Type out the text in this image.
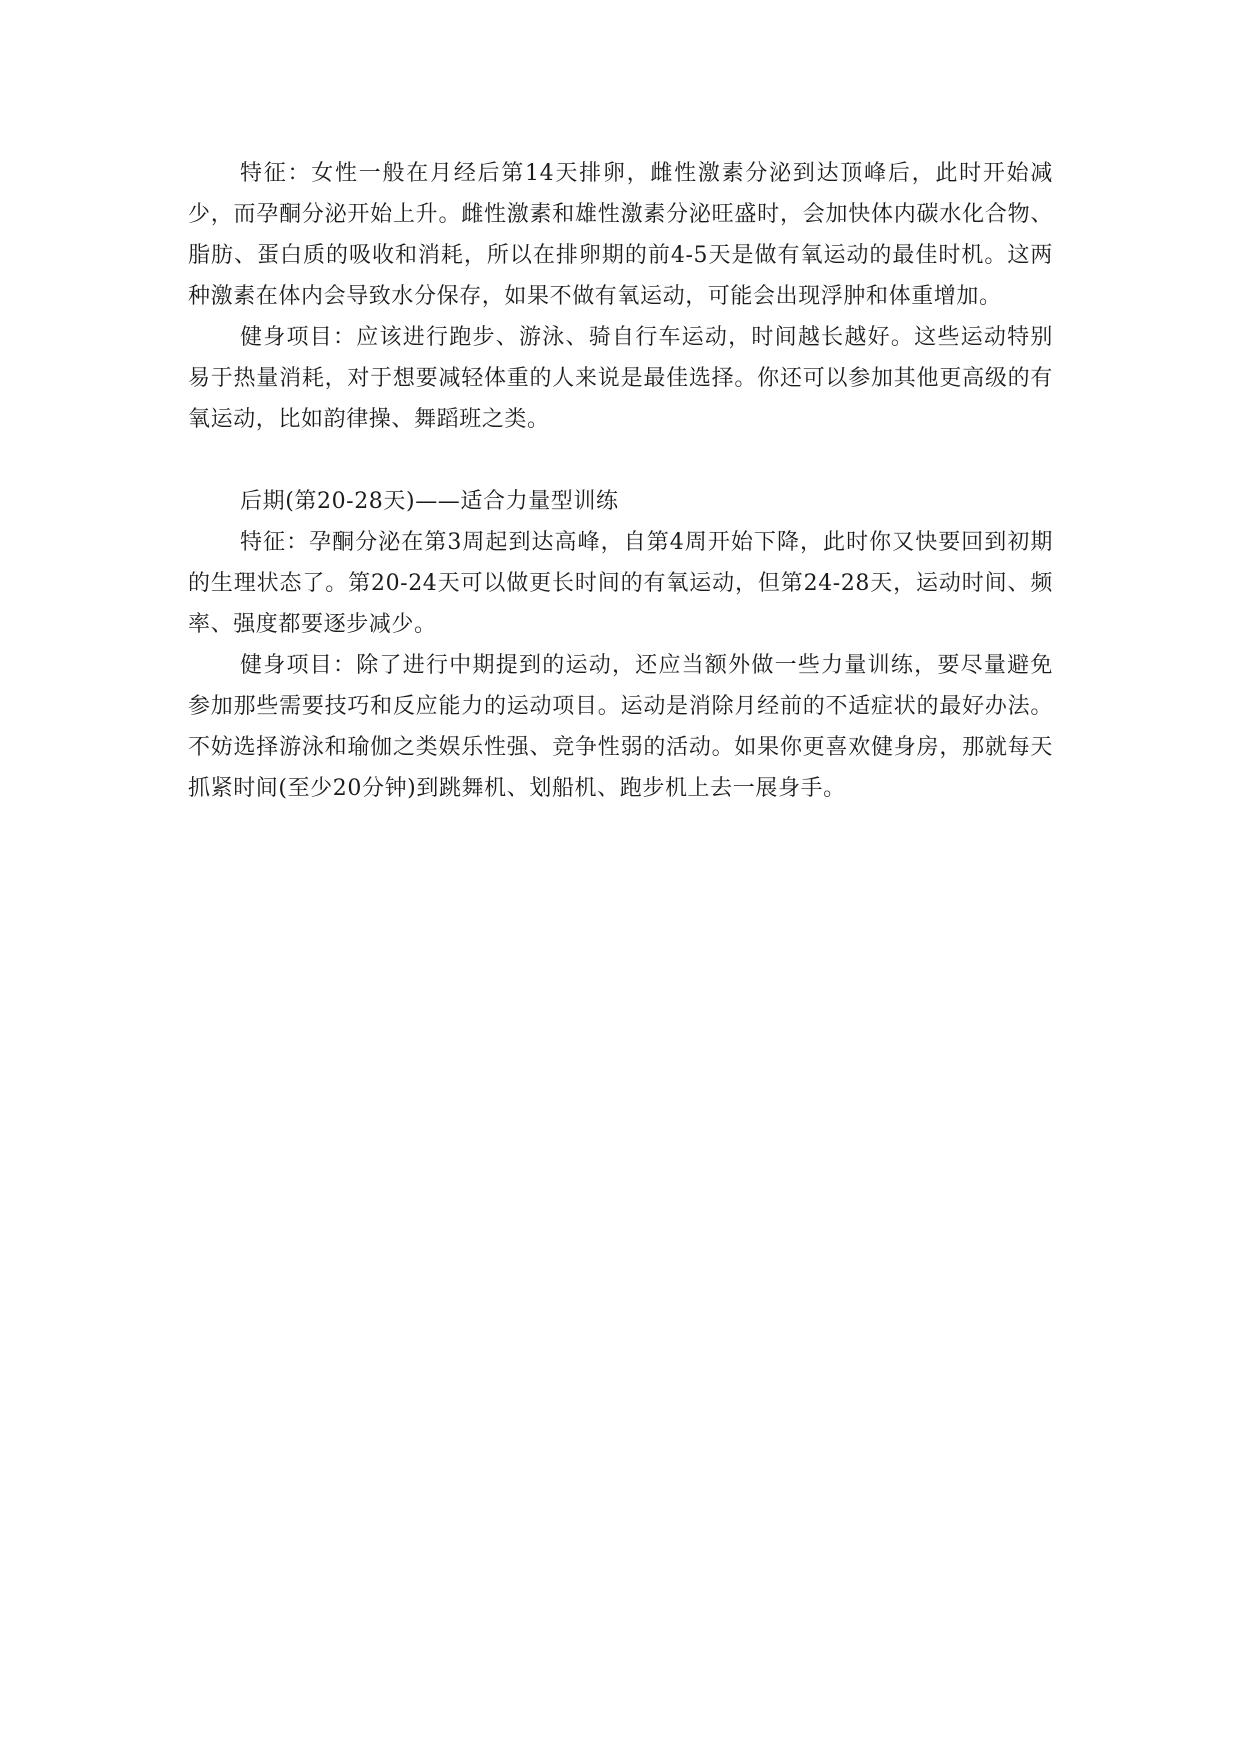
特征：女性一般在月经后第14天排卵，雌性激素分泌到达顶峰后，此时开始减少，而孕酮分泌开始上升。雌性激素和雄性激素分泌旺盛时，会加快体内碳水化合物、脂肪、蛋白质的吸收和消耗，所以在排卵期的前4-5天是做有氧运动的最佳时机。这两种激素在体内会导致水分保存，如果不做有氧运动，可能会出现浮肿和体重增加。

健身项目：应该进行跑步、游泳、骑自行车运动，时间越长越好。这些运动特别易于热量消耗，对于想要减轻体重的人来说是最佳选择。你还可以参加其他更高级的有氧运动，比如韵律操、舞蹈班之类。

后期(第20-28天)——适合力量型训练

特征：孕酮分泌在第3周起到达高峰，自第4周开始下降，此时你又快要回到初期的生理状态了。第20-24天可以做更长时间的有氧运动，但第24-28天，运动时间、频率、强度都要逐步减少。

健身项目：除了进行中期提到的运动，还应当额外做一些力量训练，要尽量避免参加那些需要技巧和反应能力的运动项目。运动是消除月经前的不适症状的最好办法。不妨选择游泳和瑜伽之类娱乐性强、竞争性弱的活动。如果你更喜欢健身房，那就每天抓紧时间(至少20分钟)到跳舞机、划船机、跑步机上去一展身手。
